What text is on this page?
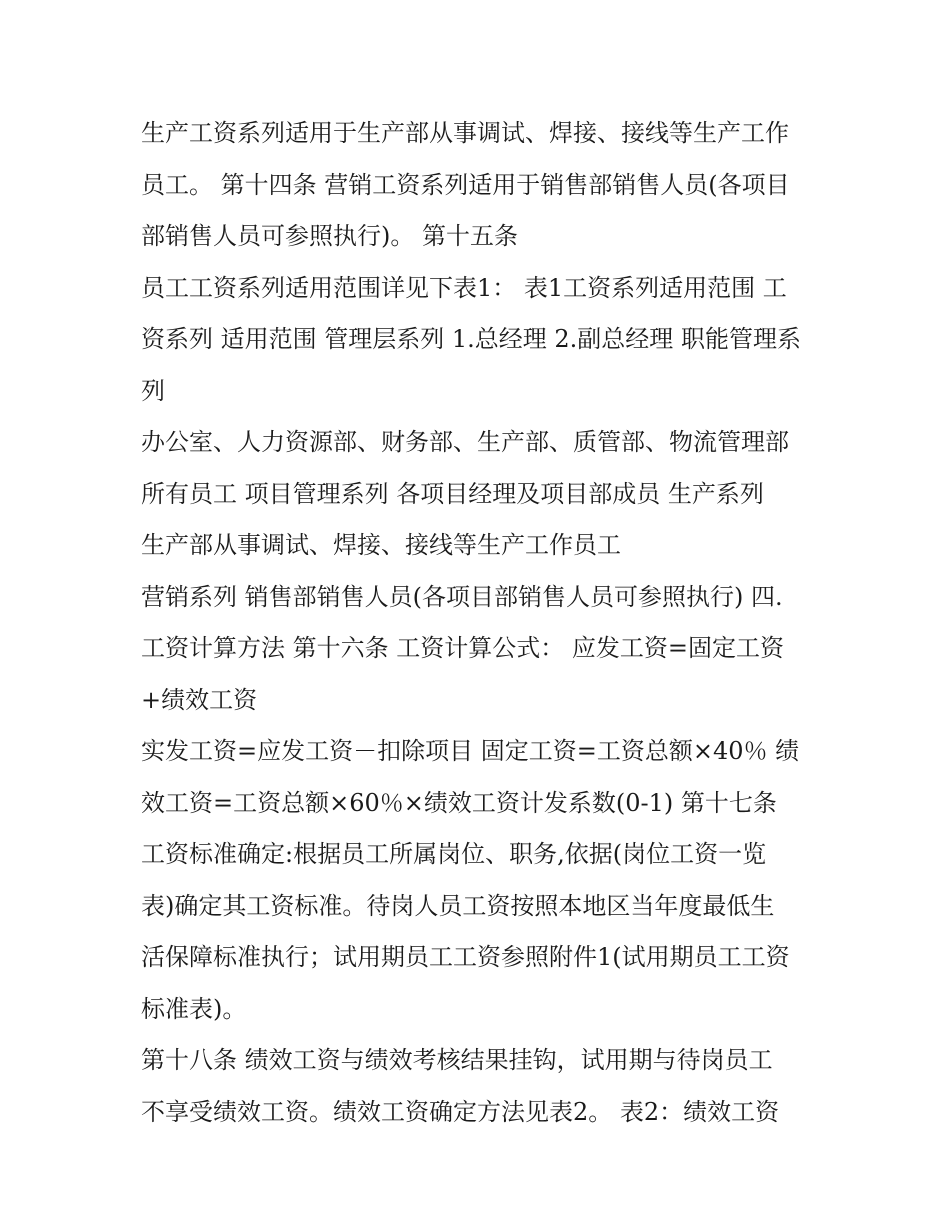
生产工资系列适用于生产部从事调试、焊接、接线等生产工作
员工。 第十四条 营销工资系列适用于销售部销售人员(各项目
部销售人员可参照执行)。 第十五条
员工工资系列适用范围详见下表1： 表1工资系列适用范围 工
资系列 适用范围 管理层系列 1.总经理 2.副总经理 职能管理系
列
办公室、人力资源部、财务部、生产部、质管部、物流管理部
所有员工 项目管理系列 各项目经理及项目部成员 生产系列
生产部从事调试、焊接、接线等生产工作员工
营销系列 销售部销售人员(各项目部销售人员可参照执行) 四.
工资计算方法 第十六条 工资计算公式： 应发工资=固定工资
+绩效工资
实发工资=应发工资－扣除项目 固定工资=工资总额×40％ 绩
效工资=工资总额×60％×绩效工资计发系数(0-1) 第十七条
工资标准确定:根据员工所属岗位、职务,依据(岗位工资一览
表)确定其工资标准。待岗人员工资按照本地区当年度最低生
活保障标准执行；试用期员工工资参照附件1(试用期员工工资
标准表)。
第十八条 绩效工资与绩效考核结果挂钩，试用期与待岗员工
不享受绩效工资。绩效工资确定方法见表2。 表2：绩效工资
